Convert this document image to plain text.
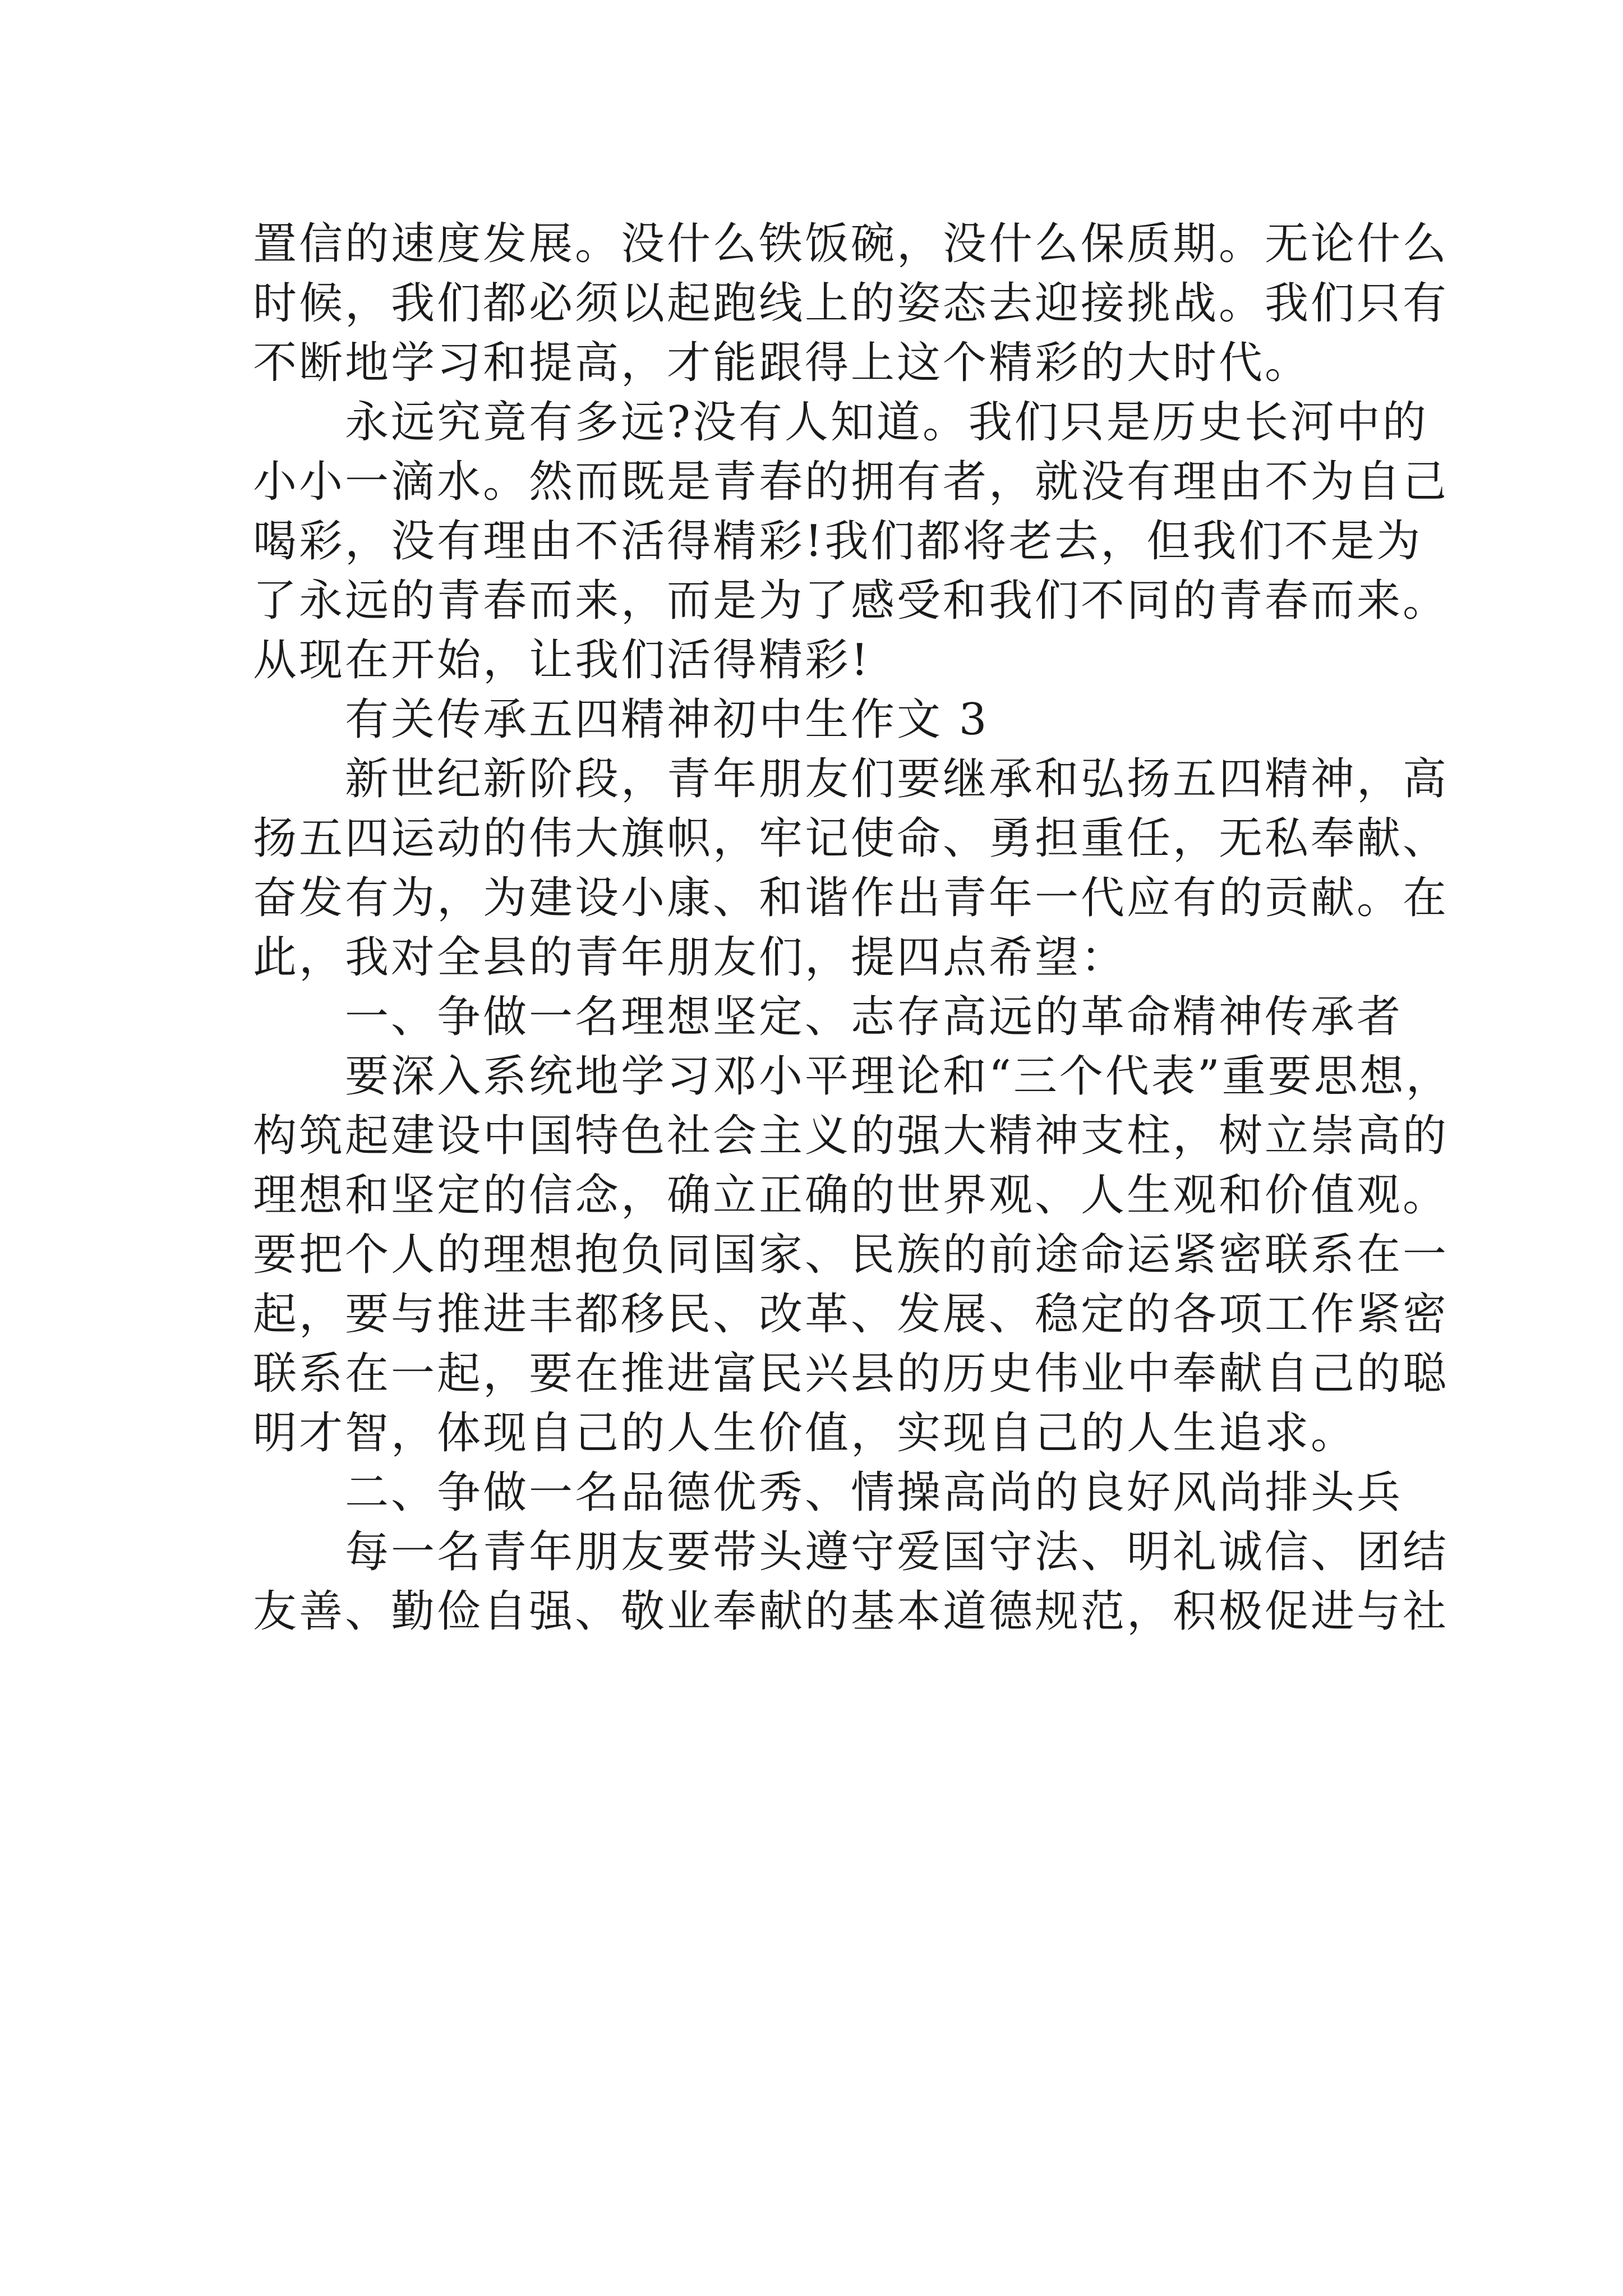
置信的速度发展。没什么铁饭碗，没什么保质期。无论什么
时候，我们都必须以起跑线上的姿态去迎接挑战。我们只有
不断地学习和提高，才能跟得上这个精彩的大时代。
　　永远究竟有多远?没有人知道。我们只是历史长河中的
小小一滴水。然而既是青春的拥有者，就没有理由不为自己
喝彩，没有理由不活得精彩!我们都将老去，但我们不是为
了永远的青春而来，而是为了感受和我们不同的青春而来。
从现在开始，让我们活得精彩!
　　有关传承五四精神初中生作文 3
　　新世纪新阶段，青年朋友们要继承和弘扬五四精神，高
扬五四运动的伟大旗帜，牢记使命、勇担重任，无私奉献、
奋发有为，为建设小康、和谐作出青年一代应有的贡献。在
此，我对全县的青年朋友们，提四点希望：
　　一、争做一名理想坚定、志存高远的革命精神传承者
　　要深入系统地学习邓小平理论和“三个代表”重要思想，
构筑起建设中国特色社会主义的强大精神支柱，树立崇高的
理想和坚定的信念，确立正确的世界观、人生观和价值观。
要把个人的理想抱负同国家、民族的前途命运紧密联系在一
起，要与推进丰都移民、改革、发展、稳定的各项工作紧密
联系在一起，要在推进富民兴县的历史伟业中奉献自己的聪
明才智，体现自己的人生价值，实现自己的人生追求。
　　二、争做一名品德优秀、情操高尚的良好风尚排头兵
　　每一名青年朋友要带头遵守爱国守法、明礼诚信、团结
友善、勤俭自强、敬业奉献的基本道德规范，积极促进与社
